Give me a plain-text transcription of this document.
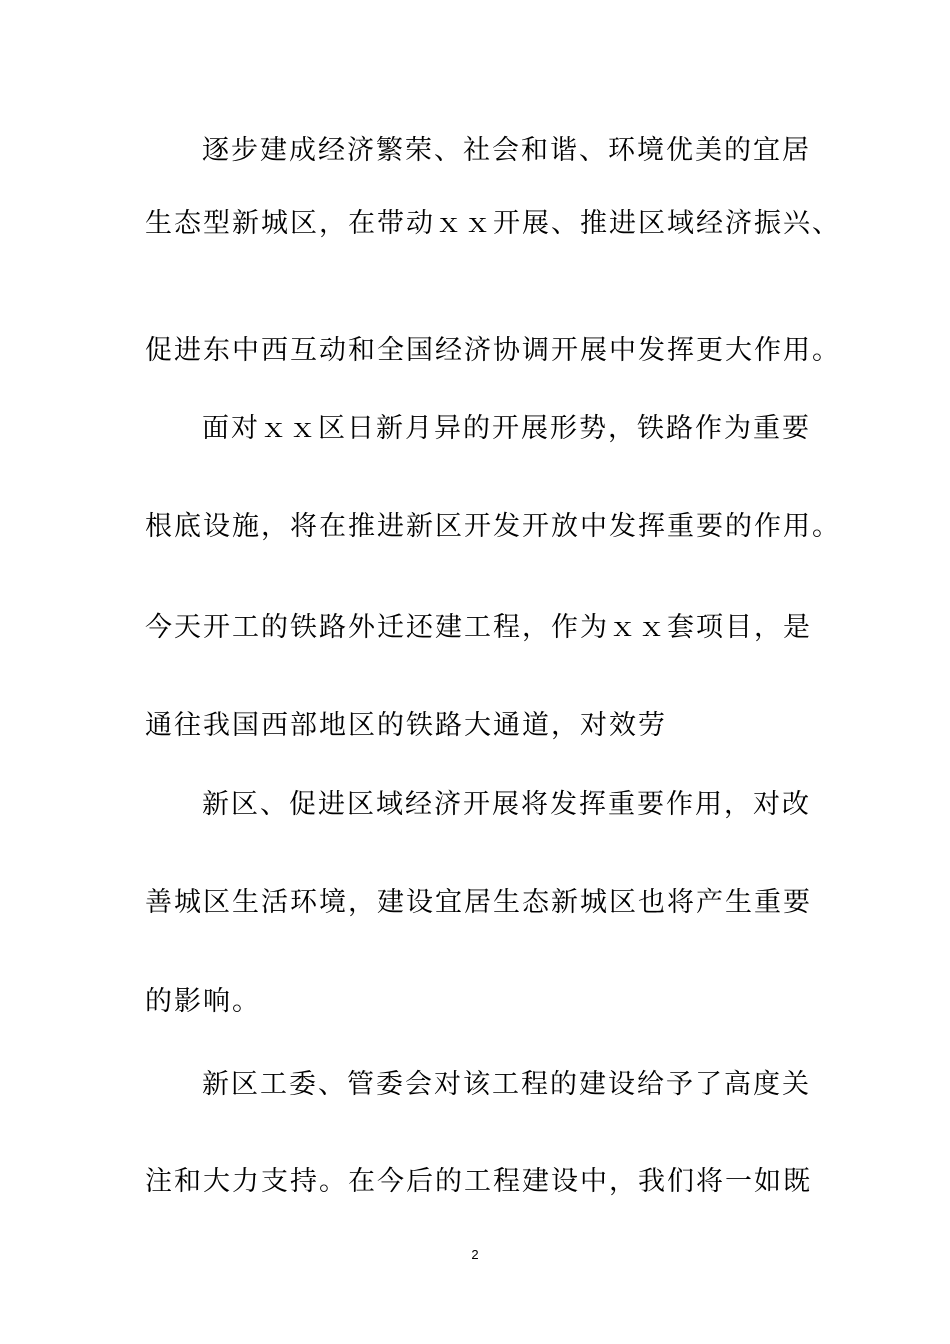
逐步建成经济繁荣、社会和谐、环境优美的宜居
生态型新城区，在带动ｘｘ开展、推进区域经济振兴、
促进东中西互动和全国经济协调开展中发挥更大作用。
面对ｘｘ区日新月异的开展形势，铁路作为重要
根底设施，将在推进新区开发开放中发挥重要的作用。
今天开工的铁路外迁还建工程，作为ｘｘ套项目，是
通往我国西部地区的铁路大通道，对效劳
新区、促进区域经济开展将发挥重要作用，对改
善城区生活环境，建设宜居生态新城区也将产生重要
的影响。
新区工委、管委会对该工程的建设给予了高度关
注和大力支持。在今后的工程建设中，我们将一如既
2
